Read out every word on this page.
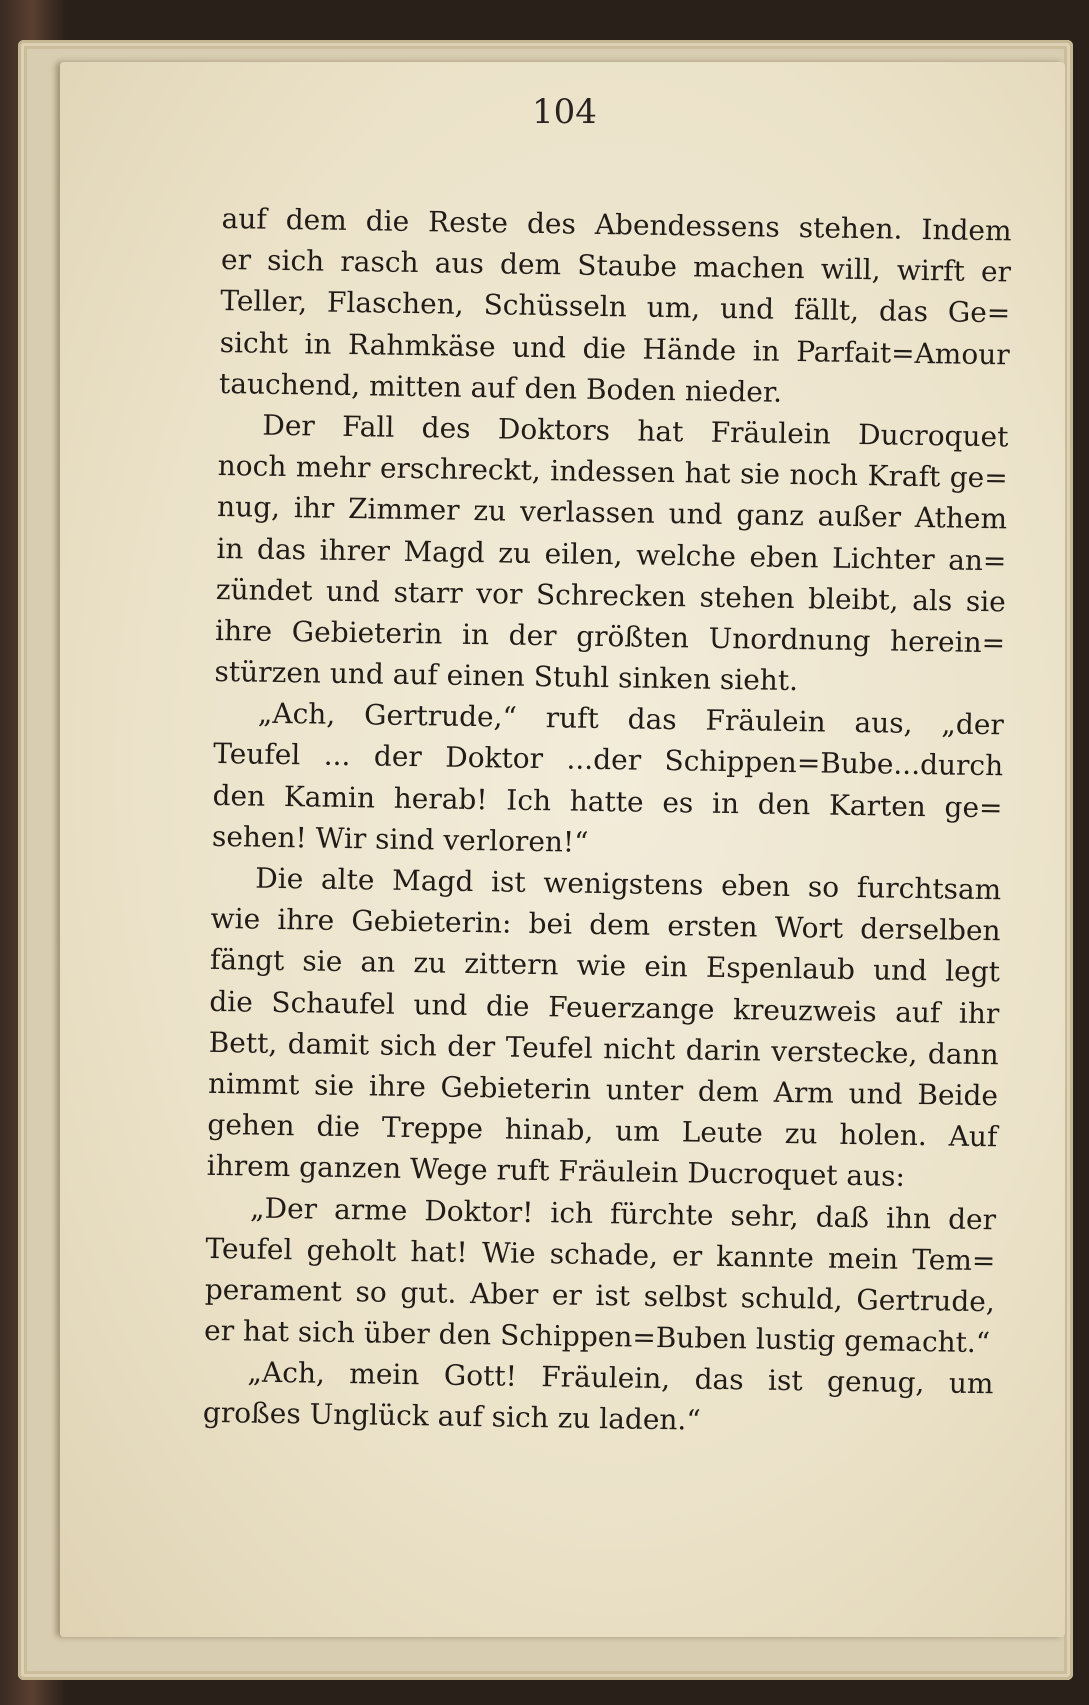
104
auf dem die Reste des Abendessens stehen. Indem
er sich rasch aus dem Staube machen will, wirft er
Teller, Flaschen, Schüsseln um, und fällt, das Ge=
sicht in Rahmkäse und die Hände in Parfait=Amour
tauchend, mitten auf den Boden nieder.
Der Fall des Doktors hat Fräulein Ducroquet
noch mehr erschreckt, indessen hat sie noch Kraft ge=
nug, ihr Zimmer zu verlassen und ganz außer Athem
in das ihrer Magd zu eilen, welche eben Lichter an=
zündet und starr vor Schrecken stehen bleibt, als sie
ihre Gebieterin in der größten Unordnung herein=
stürzen und auf einen Stuhl sinken sieht.
„Ach, Gertrude,“ ruft das Fräulein aus, „der
Teufel ... der Doktor ...der Schippen=Bube...durch
den Kamin herab! Ich hatte es in den Karten ge=
sehen! Wir sind verloren!“
Die alte Magd ist wenigstens eben so furchtsam
wie ihre Gebieterin: bei dem ersten Wort derselben
fängt sie an zu zittern wie ein Espenlaub und legt
die Schaufel und die Feuerzange kreuzweis auf ihr
Bett, damit sich der Teufel nicht darin verstecke, dann
nimmt sie ihre Gebieterin unter dem Arm und Beide
gehen die Treppe hinab, um Leute zu holen. Auf
ihrem ganzen Wege ruft Fräulein Ducroquet aus:
„Der arme Doktor! ich fürchte sehr, daß ihn der
Teufel geholt hat! Wie schade, er kannte mein Tem=
perament so gut. Aber er ist selbst schuld, Gertrude,
er hat sich über den Schippen=Buben lustig gemacht.“
„Ach, mein Gott! Fräulein, das ist genug, um
großes Unglück auf sich zu laden.“
